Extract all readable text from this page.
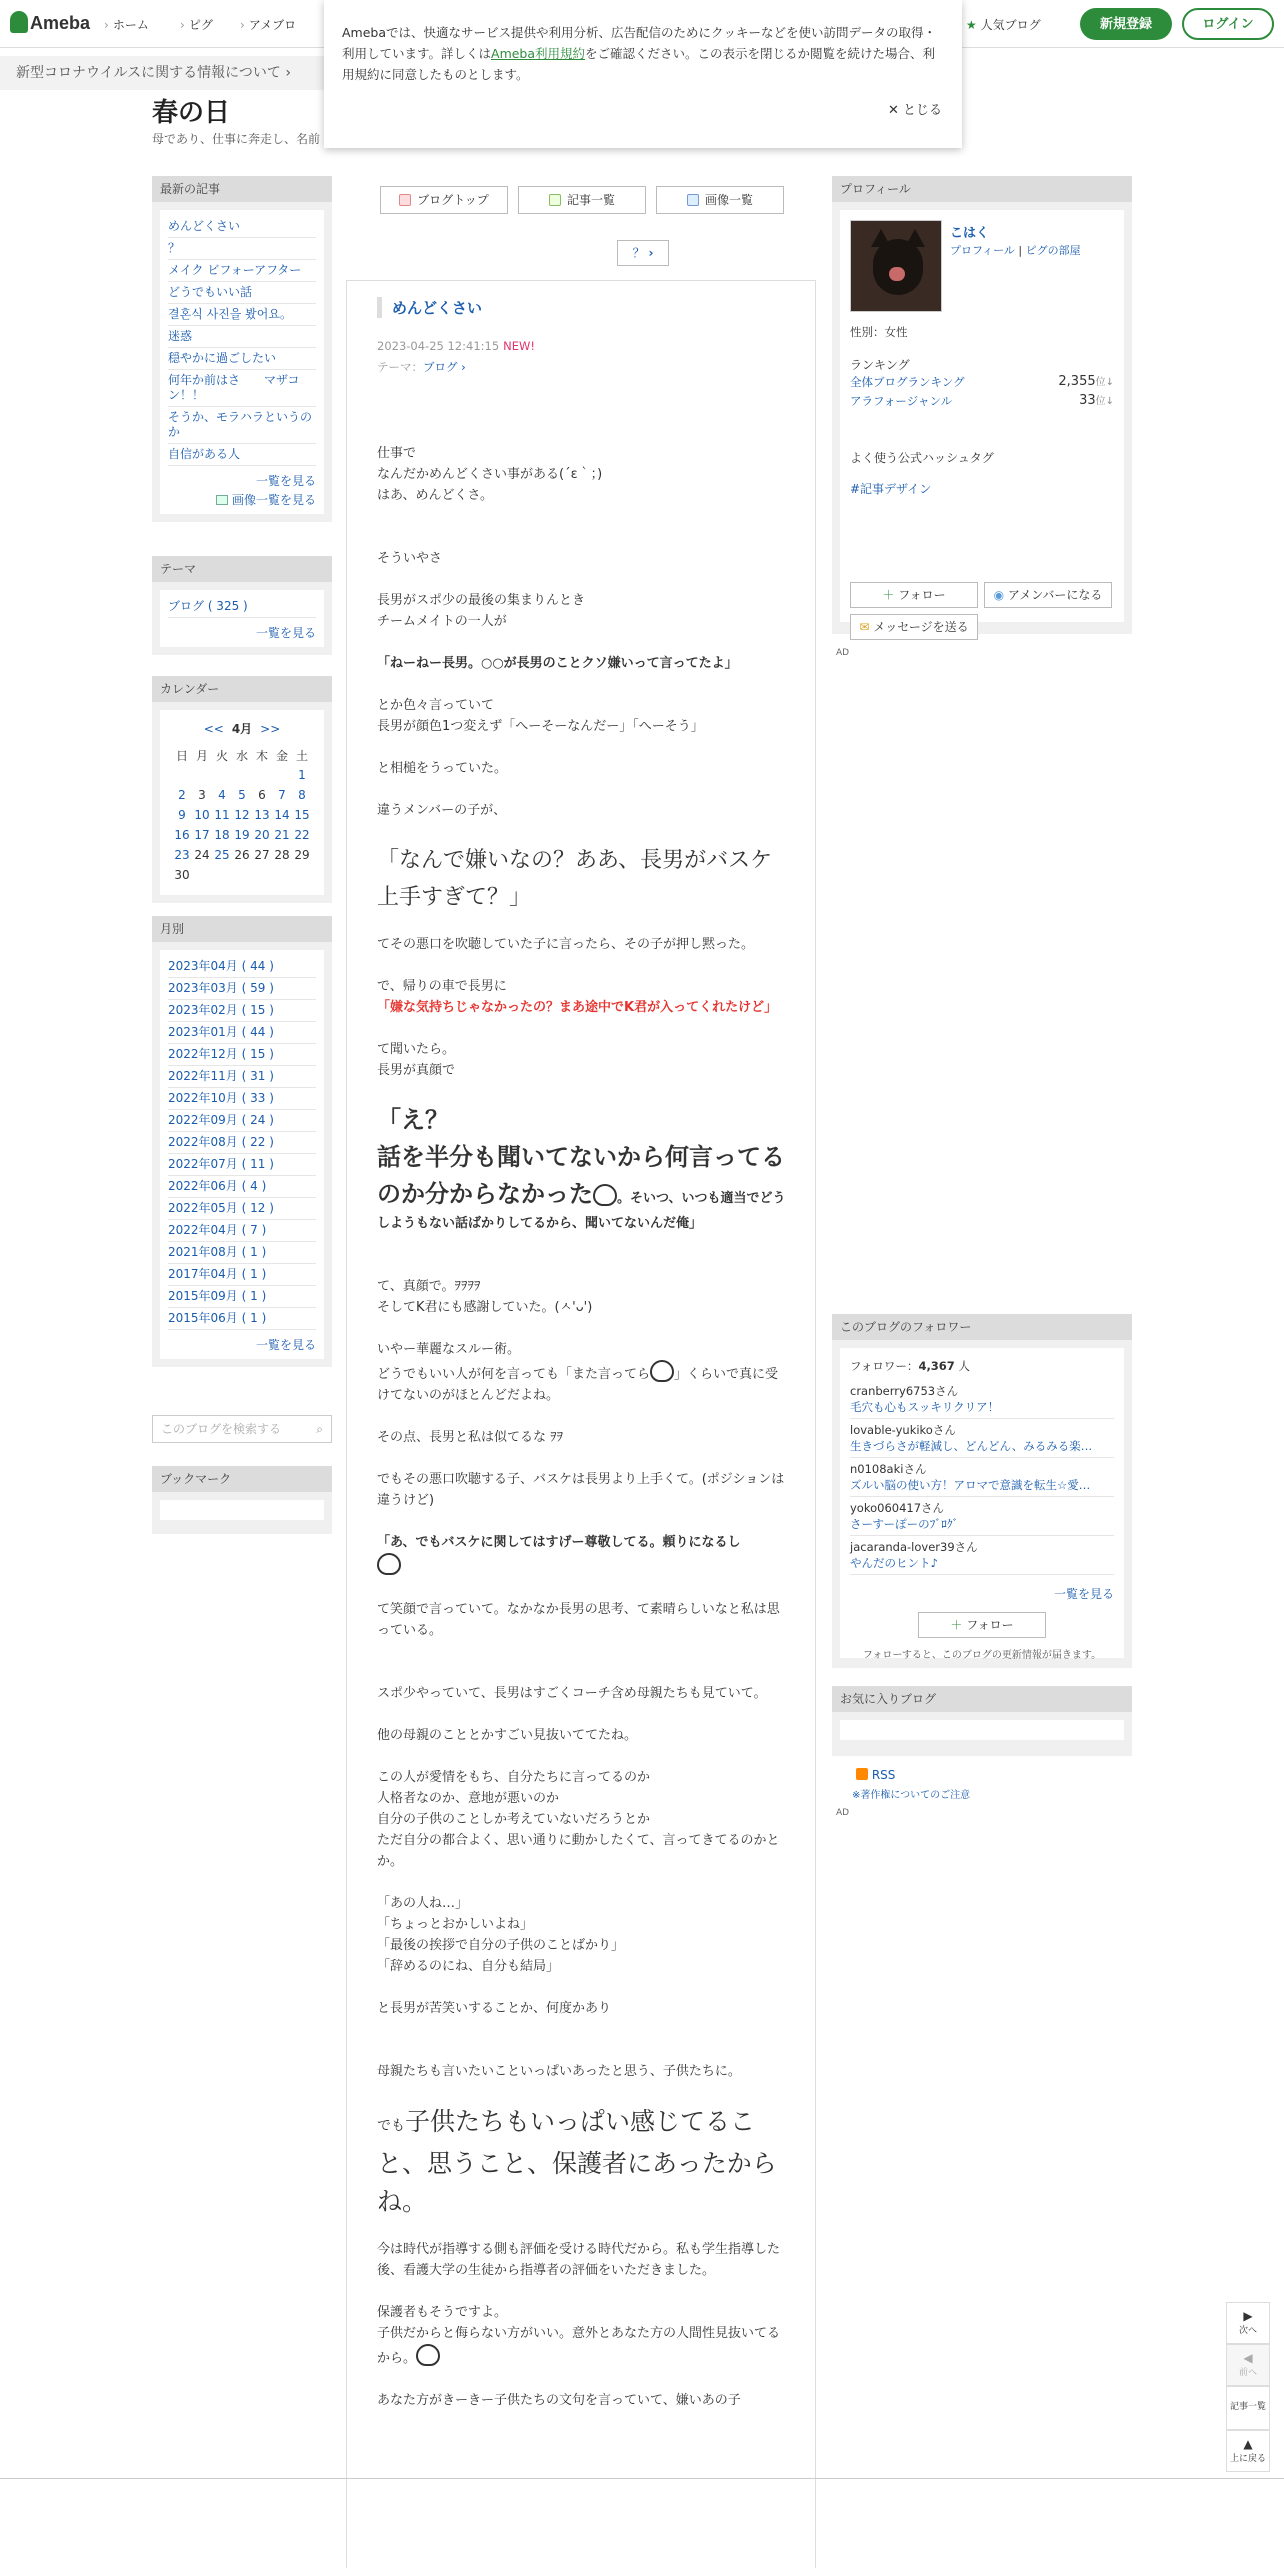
Ameba › ホーム	› ピグ › アメブロ	★ 人気ブログ	新規登録	ログイン
新型コロナウイルスに関する情報について ›
Amebaでは、快適なサービス提供や利用分析、広告配信のためにクッキーなどを使い訪問データの取得・利用しています。詳しくはAmeba利用規約をご確認ください。この表示を閉じるか閲覧を続けた場合、利用規約に同意したものとします。
✕ とじる
春の日
母であり、仕事に奔走し、名前
最新の記事
めんどくさい
？
メイク ビフォーアフター
どうでもいい話
결혼식 사진을 봤어요。
迷惑
穏やかに過ごしたい
何年か前はさ　　マザコン！！
そうか、モラハラというのか
自信がある人
一覧を見る
画像一覧を見る
テーマ
ブログ ( 325 )
一覧を見る
カレンダー
<< 4月 >>
日	月	火	水	木	金	土
						1
2	3	4	5	6	7	8
9	10	11	12	13	14	15
16	17	18	19	20	21	22
23	24	25	26	27	28	29
30						
月別
2023年04月 ( 44 )
2023年03月 ( 59 )
2023年02月 ( 15 )
2023年01月 ( 44 )
2022年12月 ( 15 )
2022年11月 ( 31 )
2022年10月 ( 33 )
2022年09月 ( 24 )
2022年08月 ( 22 )
2022年07月 ( 11 )
2022年06月 ( 4 )
2022年05月 ( 12 )
2022年04月 ( 7 )
2021年08月 ( 1 )
2017年04月 ( 1 )
2015年09月 ( 1 )
2015年06月 ( 1 )
一覧を見る
このブログを検索する	⌕
ブックマーク
ブログトップ	記事一覧	画像一覧
？ ›
めんどくさい
2023-04-25 12:41:15 NEW!
テーマ：ブログ ›

仕事で
なんだかめんどくさい事がある(´ε｀；)
はあ、めんどくさ。

そういやさ

長男がスポ少の最後の集まりんとき
チームメイトの一人が

「ねーねー長男。○○が長男のことクソ嫌いって言ってたよ」

とか色々言っていて
長男が顔色1つ変えず「へーそーなんだー」「へーそう」

と相槌をうっていた。

違うメンバーの子が、

「なんで嫌いなの？ああ、長男がバスケ上手すぎて？」

てその悪口を吹聴していた子に言ったら、その子が押し黙った。

で、帰りの車で長男に
「嫌な気持ちじゃなかったの？まあ途中でK君が入ってくれたけど」

て聞いたら。
長男が真顔で

「え？
話を半分も聞いてないから何言ってるのか分からなかった 。そいつ、いつも適当でどうしようもない話ばかりしてるから、聞いてないんだ俺」

て、真顔で。ｦｦｦｦ
そしてK君にも感謝していた。(ㅅ'ᴗ')

いやー華麗なスルー術。
どうでもいい人が何を言っても「また言ってら 」くらいで真に受けてないのがほとんどだよね。

その点、長男と私は似てるな ｦｦ

でもその悪口吹聴する子、バスケは長男より上手くて。(ポジションは違うけど)

「あ、でもバスケに関してはすげー尊敬してる。頼りになるし

て笑顔で言っていて。なかなか長男の思考、て素晴らしいなと私は思っている。

スポ少やっていて、長男はすごくコーチ含め母親たちも見ていて。

他の母親のこととかすごい見抜いててたね。

この人が愛情をもち、自分たちに言ってるのか
人格者なのか、意地が悪いのか
自分の子供のことしか考えていないだろうとか
ただ自分の都合よく、思い通りに動かしたくて、言ってきてるのかとか。

「あの人ね…」
「ちょっとおかしいよね」
「最後の挨拶で自分の子供のことばかり」
「辞めるのにね、自分も結局」

と長男が苦笑いすることか、何度かあり

母親たちも言いたいこといっぱいあったと思う、子供たちに。

でも子供たちもいっぱい感じてること、思うこと、保護者にあったからね。

今は時代が指導する側も評価を受ける時代だから。私も学生指導した後、看護大学の生徒から指導者の評価をいただきました。

保護者もそうですよ。
子供だからと侮らない方がいい。意外とあなた方の人間性見抜いてるから。

あなた方がきーきー子供たちの文句を言っていて、嫌いあの子

プロフィール
こはく
プロフィール | ピグの部屋
性別：女性
ランキング
全体ブログランキング	2,355位↓
アラフォージャンル	33位↓
よく使う公式ハッシュタグ
#記事デザイン
＋ フォロー	◉ アメンバーになる
✉ メッセージを送る
AD
このブログのフォロワー
フォロワー：4,367 人
cranberry6753さん
毛穴も心もスッキリクリア！
lovable-yukikoさん
生きづらさが軽減し、どんどん、みるみる楽…
n0108akiさん
ズルい脳の使い方！アロマで意識を転生☆愛…
yoko060417さん
さーすーぽーのﾌﾞﾛｸﾞ
jacaranda-lover39さん
やんだのヒント♪
一覧を見る
＋ フォロー
フォローすると、このブログの更新情報が届きます。
お気に入りブログ
RSS
※著作権についてのご注意
AD
▶
次へ
◀
前へ
記事一覧
▲
上に戻る
